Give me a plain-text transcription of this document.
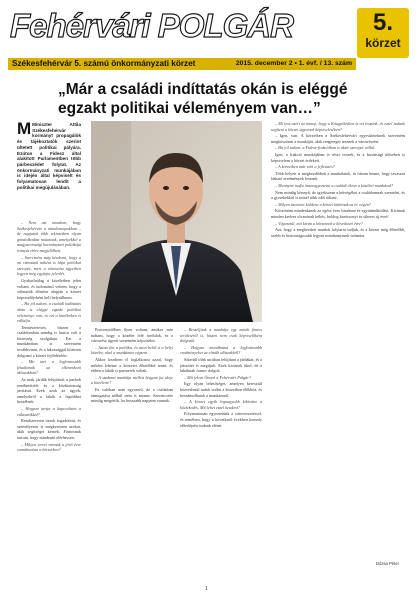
Fehérvári POLGÁR	5.
körzet
Székesfehérvár 5. számú önkormányzati körzet	2015. december 2 • 1. évf. / 13. szám
„Már a családi indíttatás okán is eléggé egzakt politikai véleményem van…”
M Miniszter Attila Székesfehérvár kormányt propagálók és tájékoztatók szerint ültetett politikai pályára. Ezúton a Fidesz által alakított Parlamentben több párbeszédet folytat. Az önkormányzati munkájában is idején által képviselt és folyamatosan lendít a politikai megújulásában.

– Nem azt mondom, hogy Székesfehérvár a mindennapokban – de napjaink több tekintetben olyan gondolkodást mutatnak, amelyekkel a magyarországi kormányzati politikája irányát előre megjelölheti.

– Szeretném még kérdezni, hogy a mi városunk miként is látja politikai szerepét, mert a városrész ügyeiben legyen még egyfajta jelenlét.

Gyakorlatilag a közéletben jelen voltam, és tudomásul vettem, hogy a választók döntése alapján a körzet képviselőjeként kell helytállnom.

– Ha jól tudom, a családi indíttatás okán is eléggé egzakt politikai véleménye van, és ezt a közéletben is vállalja.

Természetesen, hiszen a családomban mindig is fontos volt a közösség szolgálata. Ezt a munkámban is szeretném továbbvinni, és a lakossággal közösen dolgozni a körzet fejlődéséért.

– Mit tart a legfontosabb feladatnak az elkövetkező időszakban?

Az utak, járdák felújítását, a parkok rendbetételét és a közbiztonság javítását. Ezek azok az ügyek, amelyekről a lakók a legtöbbet beszélnek.

– Hogyan tartja a kapcsolatot a választókkal?

Rendszeresen tartok fogadóórát, és személyesen is megkeresem azokat, akik segítséget kérnek. Fontosnak tartom, hogy mindenki elérhessen.

– Milyen tervei vannak a jövő évre vonatkozóan a körzetben?

Pozsonyidőben ilyen voltam, amikor már tudtam, hogy a közélet felé fordulok, és a városrész ügyeit szeretném képviselni.

– Aztán jött a politika, és azon belül is a helyi közélet, ahol a munkámat végzem.

Akkor kezdtem el foglalkozni azzal, hogy miként lehetne a körzetet élhetőbbé tenni, és ebben a lakók is partnerek voltak.

– A szakmai munkája mellett hogyan jut ideje a közéletre?

Ez valóban nem egyszerű, de a családom támogatása nélkül nem is menne. Szerencsére mindig megértik, ha hosszabb napjaim vannak.

– Beszéljünk a munkája egy másik fontos területéről is, hiszen nem csak képviselőként dolgozik.

– Hogyan mondhatná a legfontosabb eredményeket az elmúlt időszakból?

Sikerült több utcában felújítani a járdákat, és a játszótér is megújult. Ezek kicsinek tűnő, de a lakóknak fontos dolgok.

– Mit jelent Önnek a Fehérvári Polgár?

Egy olyan lehetőséget, amelyen keresztül közvetlenül tudok szólni a körzetben élőkhöz, és beszámolhatok a munkámról.

– A körzet egyik legnagyobb kihívása a közlekedés. Mit lehet ezzel kezdeni?

Folyamatosan egyeztetünk a városvezetéssel, és remélem, hogy a következő években komoly előrelépést tudunk elérni.

– Mi lesz azért az ünnep, hogy a Közgyűlésben is ott leszünk, és ezzel tudunk segíteni a körzet ügyeinek képviseletében?

– Igen, van. A körzetben a Székesfehérvári egyesületeknek szeretném megköszönni a munkáját, akik rengeteget tesznek a városrészért.

– Ha jól tudom, a Fidesz-frakcióban is aktív szerepet vállal.

Igen, a frakció munkájában is részt veszek, és a bizottsági üléseken is képviselem a körzet érdekeit.

– A körzetben már várt a fejlesztés?

Több helyen is megkezdődtek a munkálatok, és bízom benne, hogy tavaszra látható eredmények lesznek.

– Mennyire tudja összeegyeztetni a családi életet a közéleti munkával?

Nem mindig könnyű, de igyekszem a hétvégéket a családomnak szentelni, és a gyerekekkel is minél több időt tölteni.

– Milyen üzenetet küldene a körzet lakóinak az év végén?

Köszönöm mindenkinek az egész éves bizalmat és együttműködést. Kívánok minden kedves olvasónak békés, boldog karácsonyt és sikeres új évet!

– Végezetül, mit kíván a körzetnek a következő évre?

Azt, hogy a megkezdett munkát folytatni tudjuk, és a körzet még élhetőbb, szebb és biztonságosabb legyen mindannyiunk számára.

Dózsa Péter
1
